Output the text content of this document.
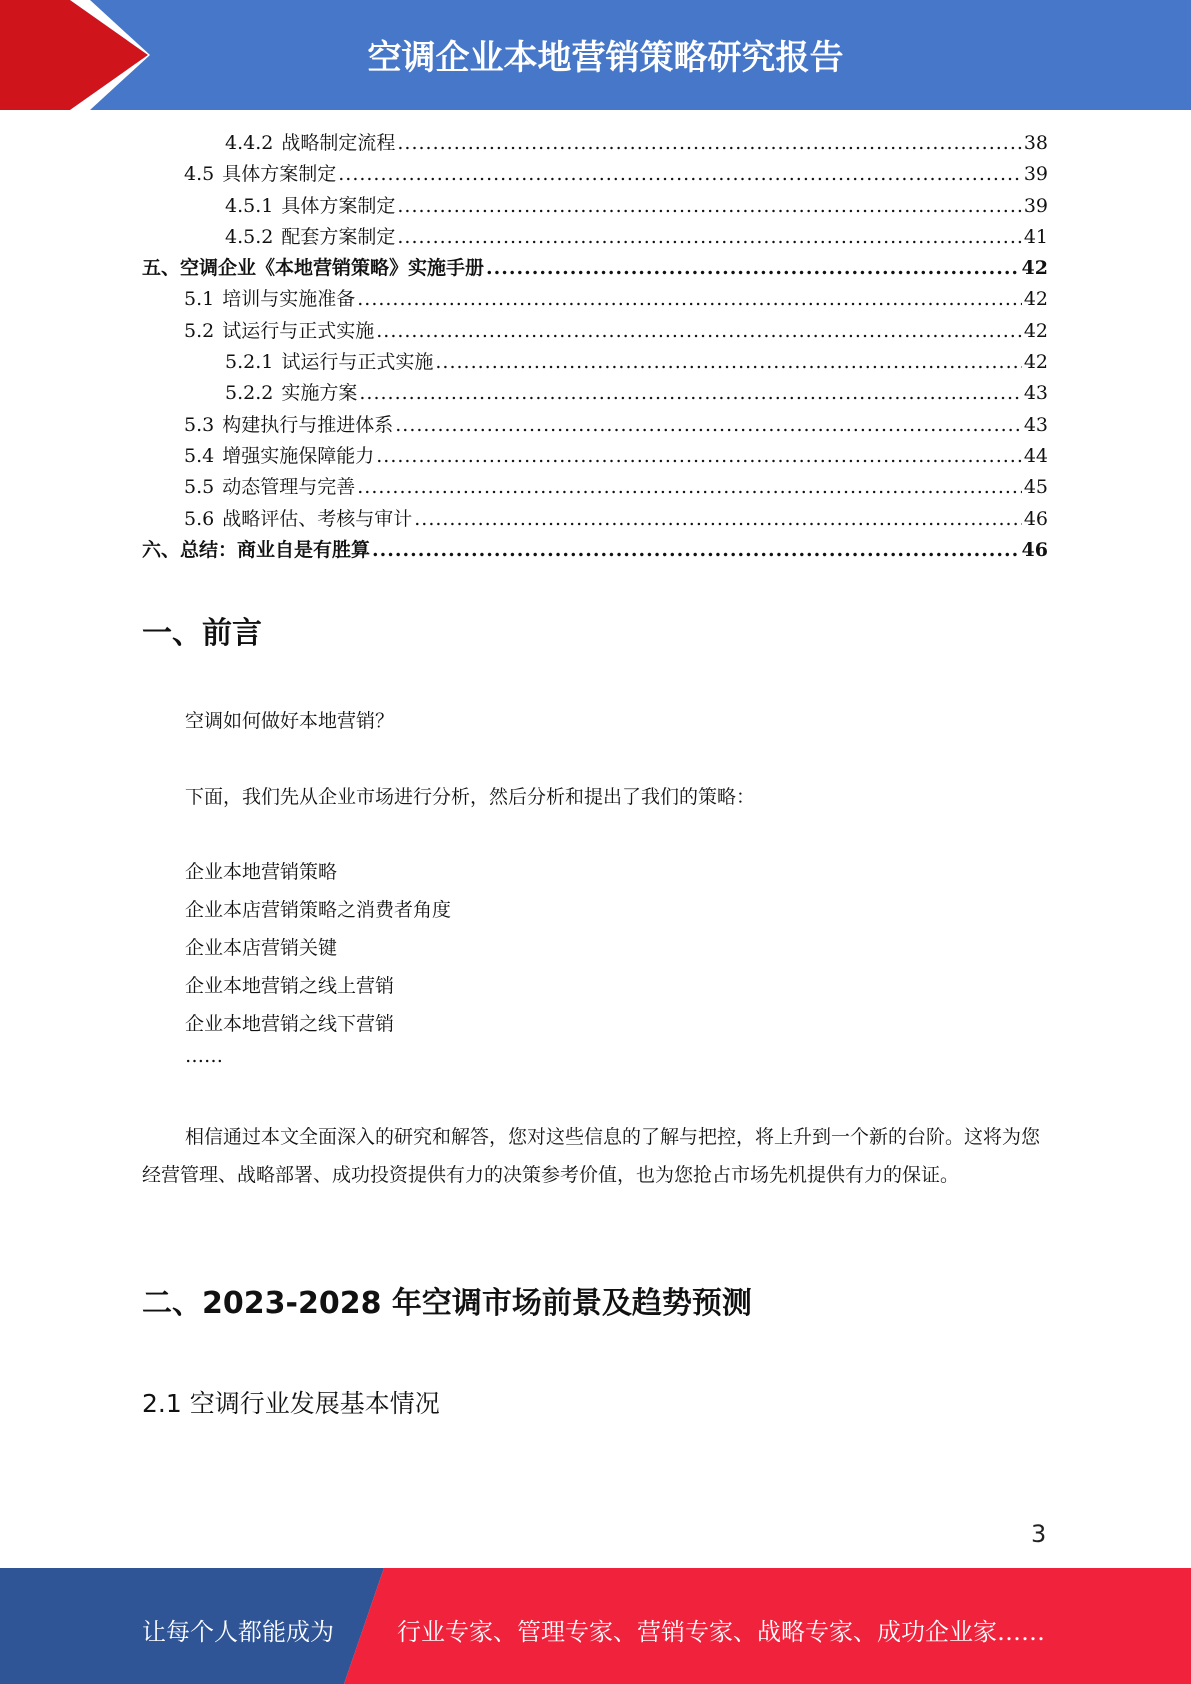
空调企业本地营销策略研究报告
4.4.2 战略制定流程 .....	38
4.5 具体方案制定 .....	39
4.5.1 具体方案制定 .....	39
4.5.2 配套方案制定 .....	41
五、空调企业《本地营销策略》实施手册 .....	42
5.1 培训与实施准备 .....	42
5.2 试运行与正式实施 .....	42
5.2.1 试运行与正式实施 .....	42
5.2.2 实施方案 .....	43
5.3 构建执行与推进体系 .....	43
5.4 增强实施保障能力 .....	44
5.5 动态管理与完善 .....	45
5.6 战略评估、考核与审计 .....	46
六、总结：商业自是有胜算 .....	46
一、前言
空调如何做好本地营销？
下面，我们先从企业市场进行分析，然后分析和提出了我们的策略：
企业本地营销策略
企业本店营销策略之消费者角度
企业本店营销关键
企业本地营销之线上营销
企业本地营销之线下营销
……
相信通过本文全面深入的研究和解答，您对这些信息的了解与把控，将上升到一个新的台阶。这将为您经营管理、战略部署、成功投资提供有力的决策参考价值，也为您抢占市场先机提供有力的保证。
二、2023-2028 年空调市场前景及趋势预测
2.1 空调行业发展基本情况
3
让每个人都能成为	行业专家、管理专家、营销专家、战略专家、成功企业家……
